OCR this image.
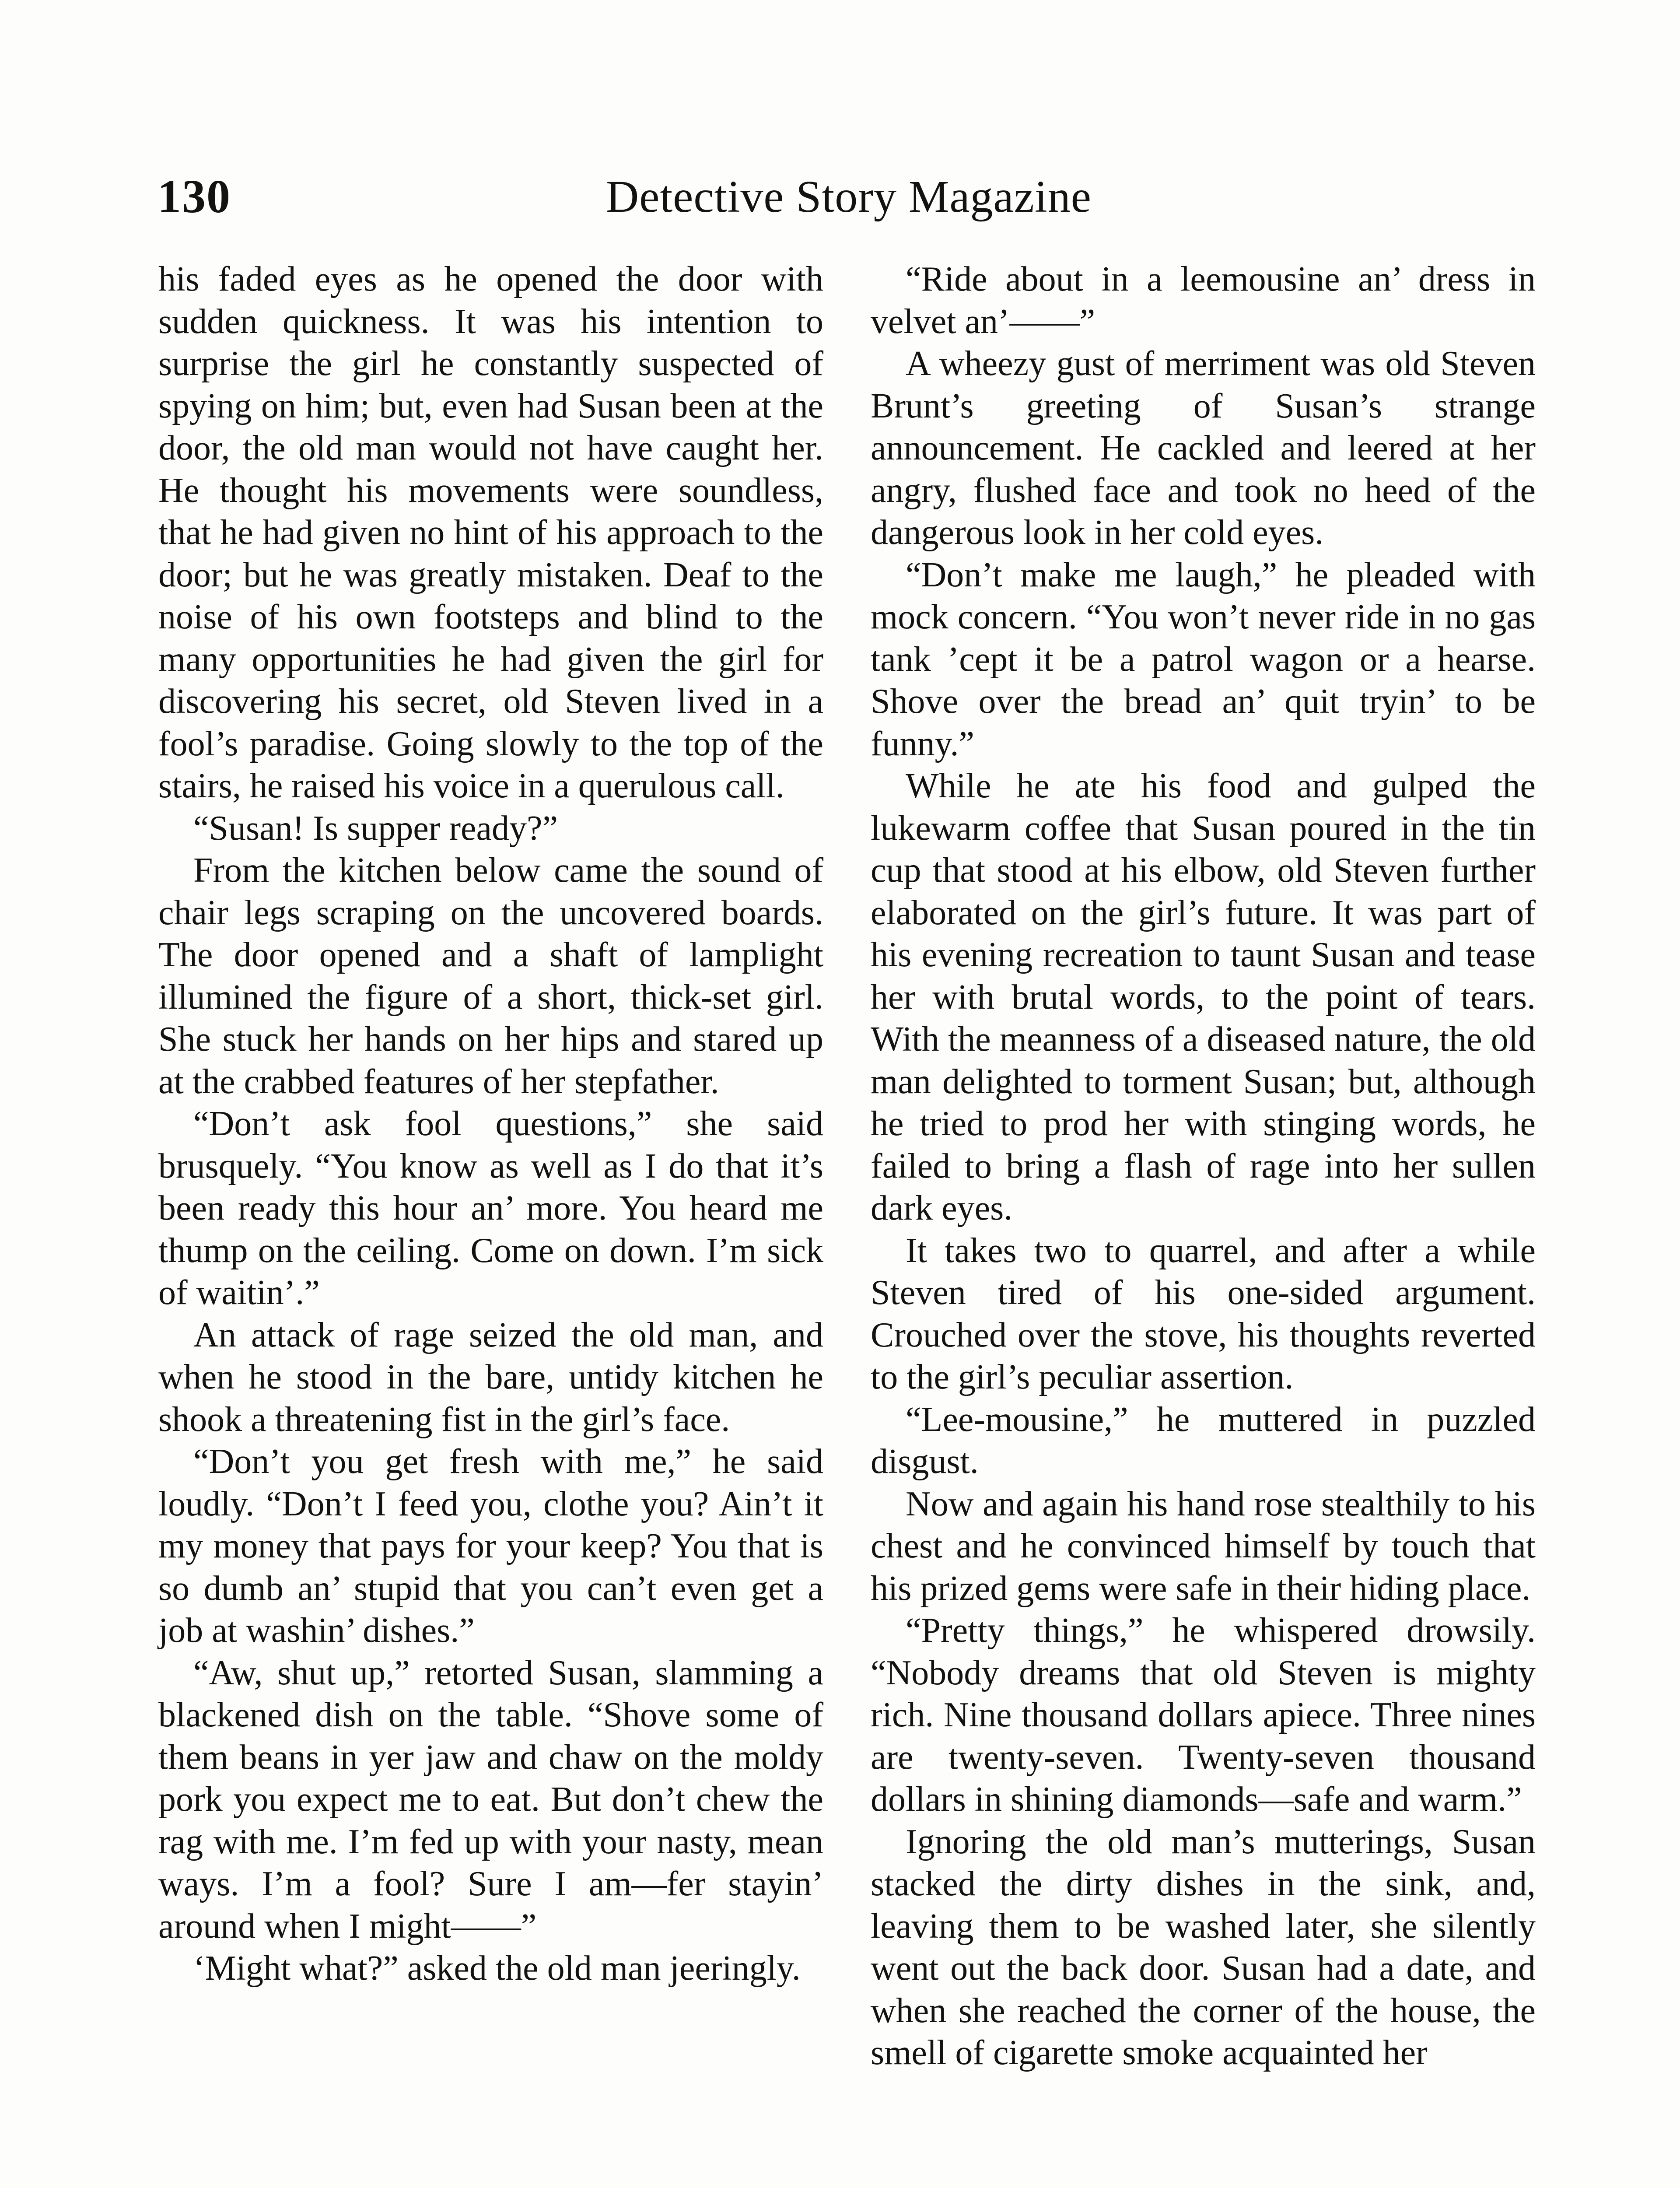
130	Detective Story Magazine

his faded eyes as he opened the door with sudden quickness. It was his intention to surprise the girl he constantly suspected of spying on him; but, even had Susan been at the door, the old man would not have caught her. He thought his movements were soundless, that he had given no hint of his approach to the door; but he was greatly mistaken. Deaf to the noise of his own footsteps and blind to the many opportunities he had given the girl for discovering his secret, old Steven lived in a fool’s paradise. Going slowly to the top of the stairs, he raised his voice in a querulous call.

“Susan! Is supper ready?”

From the kitchen below came the sound of chair legs scraping on the uncovered boards. The door opened and a shaft of lamplight illumined the figure of a short, thick-set girl. She stuck her hands on her hips and stared up at the crabbed features of her stepfather.

“Don’t ask fool questions,” she said brusquely. “You know as well as I do that it’s been ready this hour an’ more. You heard me thump on the ceiling. Come on down. I’m sick of waitin’.”

An attack of rage seized the old man, and when he stood in the bare, untidy kitchen he shook a threatening fist in the girl’s face.

“Don’t you get fresh with me,” he said loudly. “Don’t I feed you, clothe you? Ain’t it my money that pays for your keep? You that is so dumb an’ stupid that you can’t even get a job at washin’ dishes.”

“Aw, shut up,” retorted Susan, slamming a blackened dish on the table. “Shove some of them beans in yer jaw and chaw on the moldy pork you expect me to eat. But don’t chew the rag with me. I’m fed up with your nasty, mean ways. I’m a fool? Sure I am—fer stayin’ around when I might——”

‘Might what?” asked the old man jeeringly.

“Ride about in a leemousine an’ dress in velvet an’——”

A wheezy gust of merriment was old Steven Brunt’s greeting of Susan’s strange announcement. He cackled and leered at her angry, flushed face and took no heed of the dangerous look in her cold eyes.

“Don’t make me laugh,” he pleaded with mock concern. “You won’t never ride in no gas tank ’cept it be a patrol wagon or a hearse. Shove over the bread an’ quit tryin’ to be funny.”

While he ate his food and gulped the lukewarm coffee that Susan poured in the tin cup that stood at his elbow, old Steven further elaborated on the girl’s future. It was part of his evening recreation to taunt Susan and tease her with brutal words, to the point of tears. With the meanness of a diseased nature, the old man delighted to torment Susan; but, although he tried to prod her with stinging words, he failed to bring a flash of rage into her sullen dark eyes.

It takes two to quarrel, and after a while Steven tired of his one-sided argument. Crouched over the stove, his thoughts reverted to the girl’s peculiar assertion.

“Lee-mousine,” he muttered in puzzled disgust.

Now and again his hand rose stealthily to his chest and he convinced himself by touch that his prized gems were safe in their hiding place.

“Pretty things,” he whispered drowsily. “Nobody dreams that old Steven is mighty rich. Nine thousand dollars apiece. Three nines are twenty-seven. Twenty-seven thousand dollars in shining diamonds—safe and warm.”

Ignoring the old man’s mutterings, Susan stacked the dirty dishes in the sink, and, leaving them to be washed later, she silently went out the back door. Susan had a date, and when she reached the corner of the house, the smell of cigarette smoke acquainted her
